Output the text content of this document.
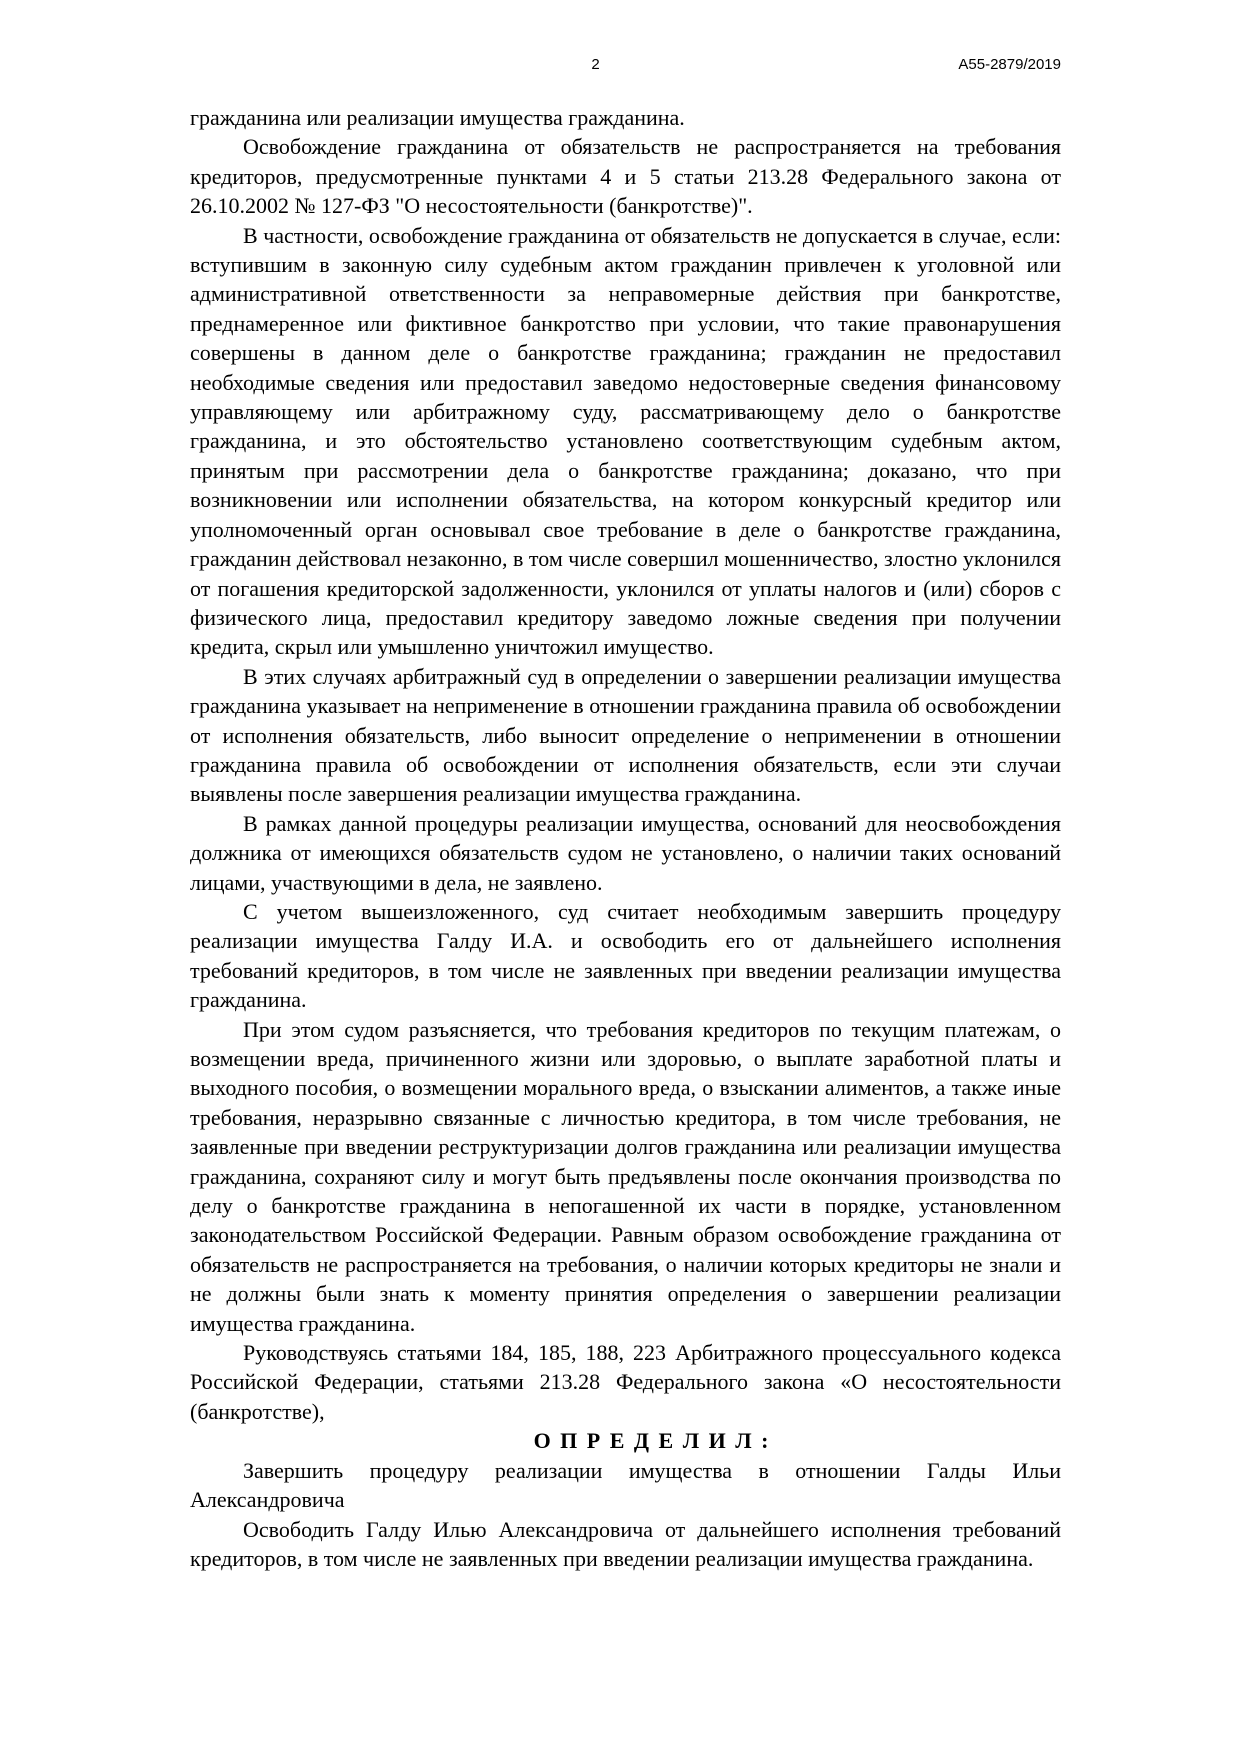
2	А55-2879/2019

гражданина или реализации имущества гражданина.

Освобождение гражданина от обязательств не распространяется на требования кредиторов, предусмотренные пунктами 4 и 5 статьи 213.28 Федерального закона от 26.10.2002 № 127-ФЗ "О несостоятельности (банкротстве)".

В частности, освобождение гражданина от обязательств не допускается в случае, если: вступившим в законную силу судебным актом гражданин привлечен к уголовной или административной ответственности за неправомерные действия при банкротстве, преднамеренное или фиктивное банкротство при условии, что такие правонарушения совершены в данном деле о банкротстве гражданина; гражданин не предоставил необходимые сведения или предоставил заведомо недостоверные сведения финансовому управляющему или арбитражному суду, рассматривающему дело о банкротстве гражданина, и это обстоятельство установлено соответствующим судебным актом, принятым при рассмотрении дела о банкротстве гражданина; доказано, что при возникновении или исполнении обязательства, на котором конкурсный кредитор или уполномоченный орган основывал свое требование в деле о банкротстве гражданина, гражданин действовал незаконно, в том числе совершил мошенничество, злостно уклонился от погашения кредиторской задолженности, уклонился от уплаты налогов и (или) сборов с физического лица, предоставил кредитору заведомо ложные сведения при получении кредита, скрыл или умышленно уничтожил имущество.

В этих случаях арбитражный суд в определении о завершении реализации имущества гражданина указывает на неприменение в отношении гражданина правила об освобождении от исполнения обязательств, либо выносит определение о неприменении в отношении гражданина правила об освобождении от исполнения обязательств, если эти случаи выявлены после завершения реализации имущества гражданина.

В рамках данной процедуры реализации имущества, оснований для неосвобождения должника от имеющихся обязательств судом не установлено, о наличии таких оснований лицами, участвующими в дела, не заявлено.

С учетом вышеизложенного, суд считает необходимым завершить процедуру реализации имущества Галду И.А. и освободить его от дальнейшего исполнения требований кредиторов, в том числе не заявленных при введении реализации имущества гражданина.

При этом судом разъясняется, что требования кредиторов по текущим платежам, о возмещении вреда, причиненного жизни или здоровью, о выплате заработной платы и выходного пособия, о возмещении морального вреда, о взыскании алиментов, а также иные требования, неразрывно связанные с личностью кредитора, в том числе требования, не заявленные при введении реструктуризации долгов гражданина или реализации имущества гражданина, сохраняют силу и могут быть предъявлены после окончания производства по делу о банкротстве гражданина в непогашенной их части в порядке, установленном законодательством Российской Федерации. Равным образом освобождение гражданина от обязательств не распространяется на требования, о наличии которых кредиторы не знали и не должны были знать к моменту принятия определения о завершении реализации имущества гражданина.

Руководствуясь статьями 184, 185, 188, 223 Арбитражного процессуального кодекса Российской Федерации, статьями 213.28 Федерального закона «О несостоятельности (банкротстве),

О П Р Е Д Е Л И Л :

Завершить процедуру реализации имущества в отношении Галды Ильи Александровича

Освободить Галду Илью Александровича от дальнейшего исполнения требований кредиторов, в том числе не заявленных при введении реализации имущества гражданина.
